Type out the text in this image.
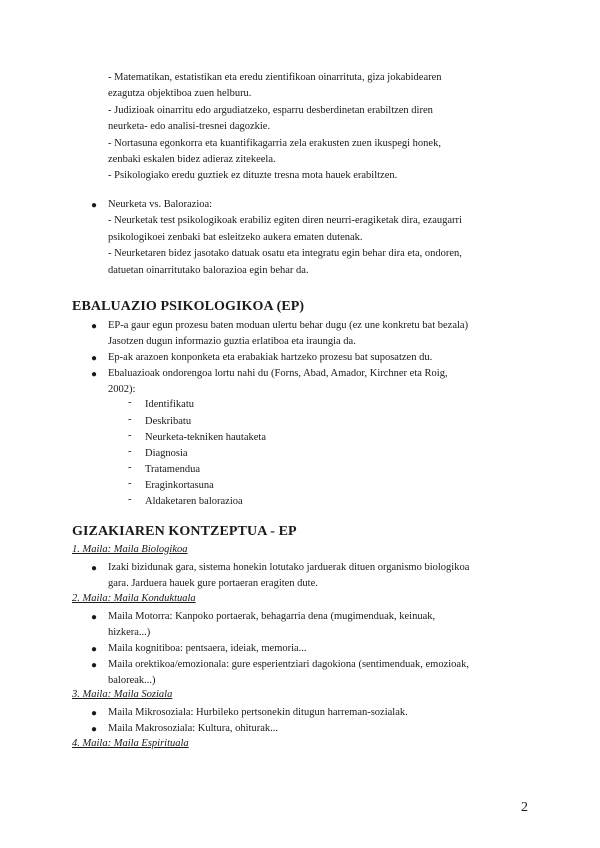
- Matematikan, estatistikan eta eredu zientifikoan oinarrituta, giza jokabidearen
ezagutza objektiboa zuen helburu.
- Judizioak oinarritu edo argudiatzeko, esparru desberdinetan erabiltzen diren
neurketa- edo analisi-tresnei dagozkie.
- Nortasuna egonkorra eta kuantifikagarria zela erakusten zuen ikuspegi honek,
zenbaki eskalen bidez adieraz zitekeela.
- Psikologiako eredu guztiek ez dituzte tresna mota hauek erabiltzen.
● Neurketa vs. Balorazioa:
- Neurketak test psikologikoak erabiliz egiten diren neurri-eragiketak dira, ezaugarri
psikologikoei zenbaki bat esleitzeko aukera ematen dutenak.
- Neurketaren bidez jasotako datuak osatu eta integratu egin behar dira eta, ondoren,
datuetan oinarritutako balorazioa egin behar da.
EBALUAZIO PSIKOLOGIKOA (EP)
● EP-a gaur egun prozesu baten moduan ulertu behar dugu (ez une konkretu bat bezala)
Jasotzen dugun informazio guztia erlatiboa eta iraungia da.
● Ep-ak arazoen konponketa eta erabakiak hartzeko prozesu bat suposatzen du.
● Ebaluazioak ondorengoa lortu nahi du (Forns, Abad, Amador, Kirchner eta Roig,
2002):
- Identifikatu
- Deskribatu
- Neurketa-tekniken hautaketa
- Diagnosia
- Tratamendua
- Eraginkortasuna
- Aldaketaren balorazioa
GIZAKIAREN KONTZEPTUA - EP
1. Maila: Maila Biologikoa
● Izaki bizidunak gara, sistema honekin lotutako jarduerak dituen organismo biologikoa
gara. Jarduera hauek gure portaeran eragiten dute.
2. Maila: Maila Konduktuala
● Maila Motorra: Kanpoko portaerak, behagarria dena (mugimenduak, keinuak,
hizkera...)
● Maila kognitiboa: pentsaera, ideiak, memoria...
● Maila orektikoa/emozionala: gure esperientziari dagokiona (sentimenduak, emozioak,
baloreak...)
3. Maila: Maila Soziala
● Maila Mikrosoziala: Hurbileko pertsonekin ditugun harreman-sozialak.
● Maila Makrosoziala: Kultura, ohiturak...
4. Maila: Maila Espirituala
2
